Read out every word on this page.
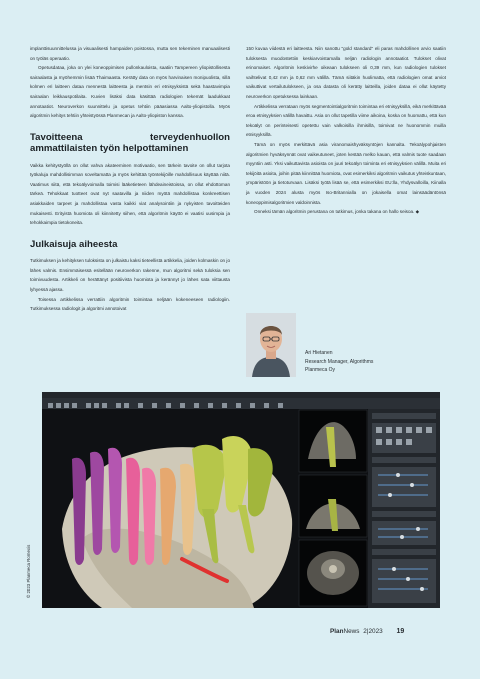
implanttisuunnittelussa ja visuaalisesti hampaiden poistossa, mutta sen tekeminen manuaalisesti on työläs operaatio.

Opetusdataa, joka on ylei koneoppimisen pullonkauloista, saatiin Tampereen yliopistollisesta sairaalasta ja myöhemmin lisää Thaimaasta. Kerätty data on myös harvinaisen monipuolista, sillä kolmen eri laitteen dataa mennestä laitteesta ja mentsin eri etnisyyksistä sekä haastavimpia sairaalan leikkauspotilaita. Kuvien lisäksi data käsittää radiologien tekemät laadukkaat annotaatiot. Neuroverkon suunnittelu ja opetus tehtiin pääasiassa Aalto-yliopistolla. Myös algoritmin kehitys tehtiin yhteistyössä Planmecan ja Aalto-yliopiston kanssa.

Tavoitteena terveydenhuollon ammattilaisten työn helpottaminen

Vaikka kehitystyöllä on ollut vahva akateeminen motivaatio, sen tärkein tavoite on ollut tarjota työkaluja mahdollisimman soveltamatta ja myös kehittää työntekijöille mahdollisuus käyttää niitä. Vaatimus siitä, että tekoälyvoimalla toimisi lääketieteen lähdeaineistoissa, on ollut ehdottoman tärkeä. Tehokkaat tuotteet ovat nyt saatavilla ja niiden myötä mahdollistaa konkreettisen asiakkaiden tarpeet ja mahdollistaa vasta kaikki viat analysointiin ja nykyisten tavoitteiden mukaisesti. Erityistä huomiota oli kiinnitetty siihen, että algoritmin käyttö ei vaatisi uusimpia ja tehokkaimpia tietokoneita.

Julkaisuja aiheesta

Tutkimuksen ja kehityksen tuloksista on julkaistu kaksi tieteellistä artikkelia, joiden kolmaskin on jo lähes valmis. Ensimmäisessä esitellään neuroverkon rakenne, mun algoritmi sekä tuloksia sen toimivuudesta. Artikkeli on herättänyt positiivista huomiota ja kerännyt jo lähes sata viittausta lyhyessä ajassa.

Toisessa artikkelissa verrattiin algoritmin toimintaa neljään kokeneeseen radiologiin. Tutkimuksessa radiologit ja algoritmi annotoivat

150 kuvaa viidestä eri laitteesta. Niin sanottu "gold standard" eli paras mahdollinen arvio saatiin tuloksesta muodostettiin keskiarvoistamalla neljän radiologin annotaatiot. Tulokset olivat erinomaiset. Algoritmin keskivirhe oikeaan tulokseen oli 0,39 mm, kun radiologien tulokset vaihtelivat 0,42 mm ja 0,62 mm välillä. Tämä siitäkin huolimatta, että radiologien omat arviot vaikuttivat vertailutulokseen, ja osa datasta oli kerätty laitteilla, joiden dataa ei ollut käytetty neuroverkon opetuksessa lainkaan.

Artikkelissa verrataan myös segmentointialgoritmin toimintaa eri etnisyyksillä, eikä merkittävää eroa etnisyyksien välillä havaittu. Asia on ollut tapetilla viime aikoina, koska on huomattu, että kun tekoälyt on perinteisesti opetettu vain valkoisilla ihmisillä, toimivat ne huonommin muilla etnisyyksillä.

Tämä on myös merkittävä asia viranomaishyväksyntöjen kannalta. Tekoälypohjaisten algoritmien hyväksynnät ovat vaikeutuneet, joten kestää melko kauan, että valmis tuote saadaan myyntiin asti. Yksi vaikuttavista asioista on juuri tekoälyn toiminta eri etnisyyksien välillä. Muita eri tekijöitä asioita, joihin pitää kiinnittää huomiota, ovat esimerkiksi algoritmin vaikutus yhteiskuntaan, ympäristöön ja tietoturvaan. Lisäksi työtä lisää se, että esimerkiksi EU:lla, Yhdysvalloilla, Kiinalla ja vuoden 2024 alusta myös Iso-Britannialla on jokaisella omat lainsäädäntönsä koneoppimisalgoritmien valdoinnista.

Onneksi tämän algoritmin perustana on tutkimus, jonka takana on hallo seisoa. ◆

Ari Hietanen
Research Manager, Algorithms
Planmeca Oy
© 2023 Planmeca Romexis
PlanNews 2|2023 19
